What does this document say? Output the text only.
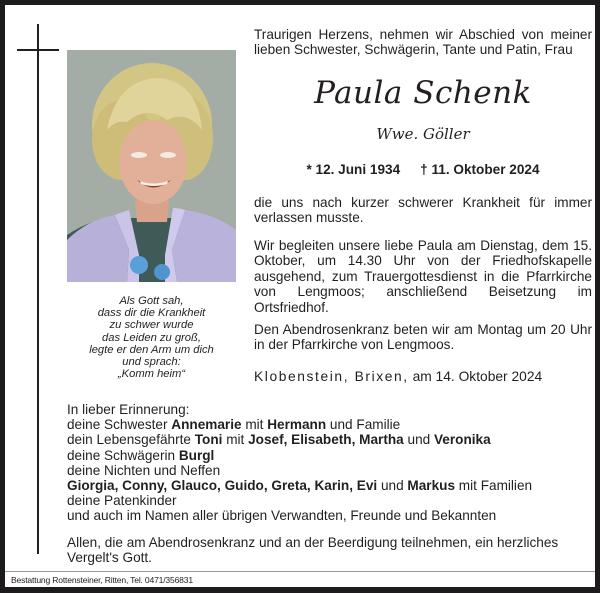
Als Gott sah,
dass dir die Krankheit
zu schwer wurde
das Leiden zu groß,
legte er den Arm um dich
und sprach:
„Komm heim“
Traurigen Herzens, nehmen wir Abschied von meiner lieben Schwester, Schwägerin, Tante und Patin, Frau
Paula Schenk
Wwe. Göller
* 12. Juni 1934 † 11. Oktober 2024
die uns nach kurzer schwerer Krankheit für immer verlassen musste.
Wir begleiten unsere liebe Paula am Dienstag, dem 15. Oktober, um 14.30 Uhr von der Friedhofskapelle ausgehend, zum Trauergottesdienst in die Pfarrkirche von Lengmoos; anschließend Beisetzung im Ortsfriedhof.
Den Abendrosenkranz beten wir am Montag um 20 Uhr in der Pfarrkirche von Lengmoos.
Klobenstein, Brixen, am 14. Oktober 2024
In lieber Erinnerung:
deine Schwester Annemarie mit Hermann und Familie
dein Lebensgefährte Toni mit Josef, Elisabeth, Martha und Veronika
deine Schwägerin Burgl
deine Nichten und Neffen
Giorgia, Conny, Glauco, Guido, Greta, Karin, Evi und Markus mit Familien
deine Patenkinder
und auch im Namen aller übrigen Verwandten, Freunde und Bekannten
Allen, die am Abendrosenkranz und an der Beerdigung teilnehmen, ein herzliches Vergelt's Gott.
Bestattung Rottensteiner, Ritten, Tel. 0471/356831
